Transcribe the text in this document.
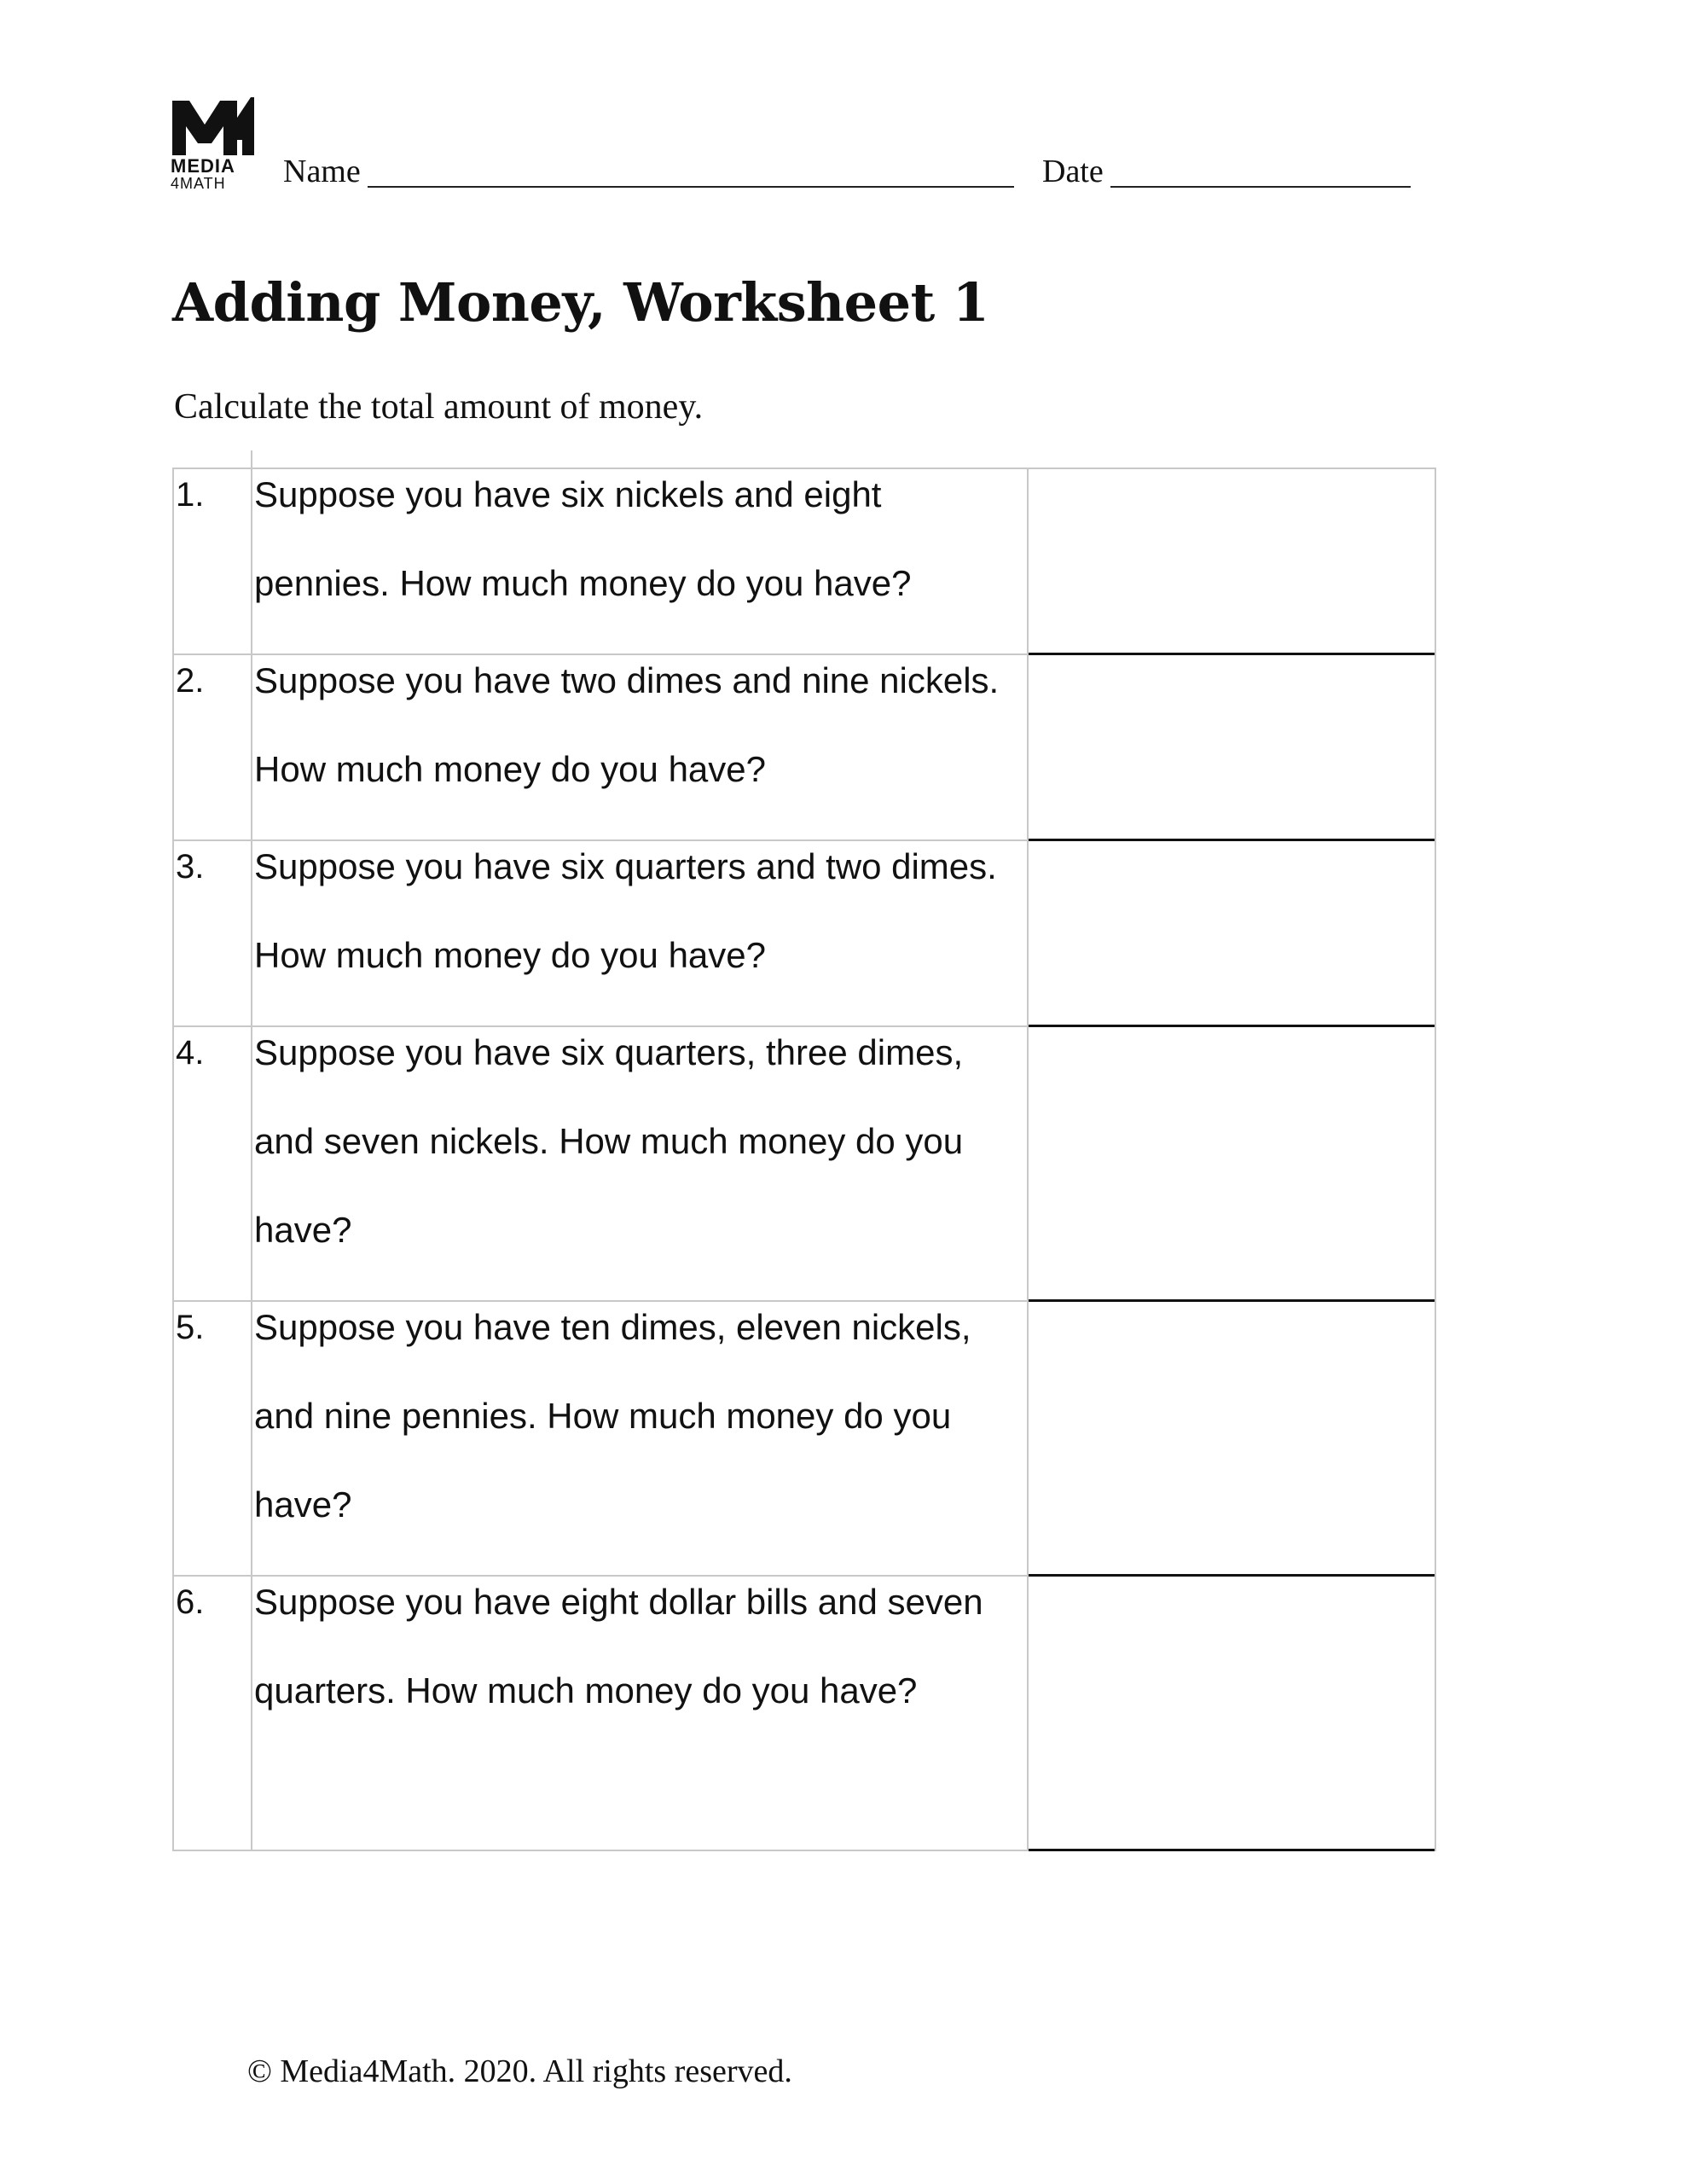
MEDIA
4MATH	Name	Date
Adding Money, Worksheet 1
Calculate the total amount of money.
1.	Suppose you have six nickels and eight pennies. How much money do you have?
2.	Suppose you have two dimes and nine nickels. How much money do you have?
3.	Suppose you have six quarters and two dimes. How much money do you have?
4.	Suppose you have six quarters, three dimes, and seven nickels. How much money do you have?
5.	Suppose you have ten dimes, eleven nickels, and nine pennies. How much money do you have?
6.	Suppose you have eight dollar bills and seven quarters. How much money do you have?
© Media4Math. 2020. All rights reserved.
